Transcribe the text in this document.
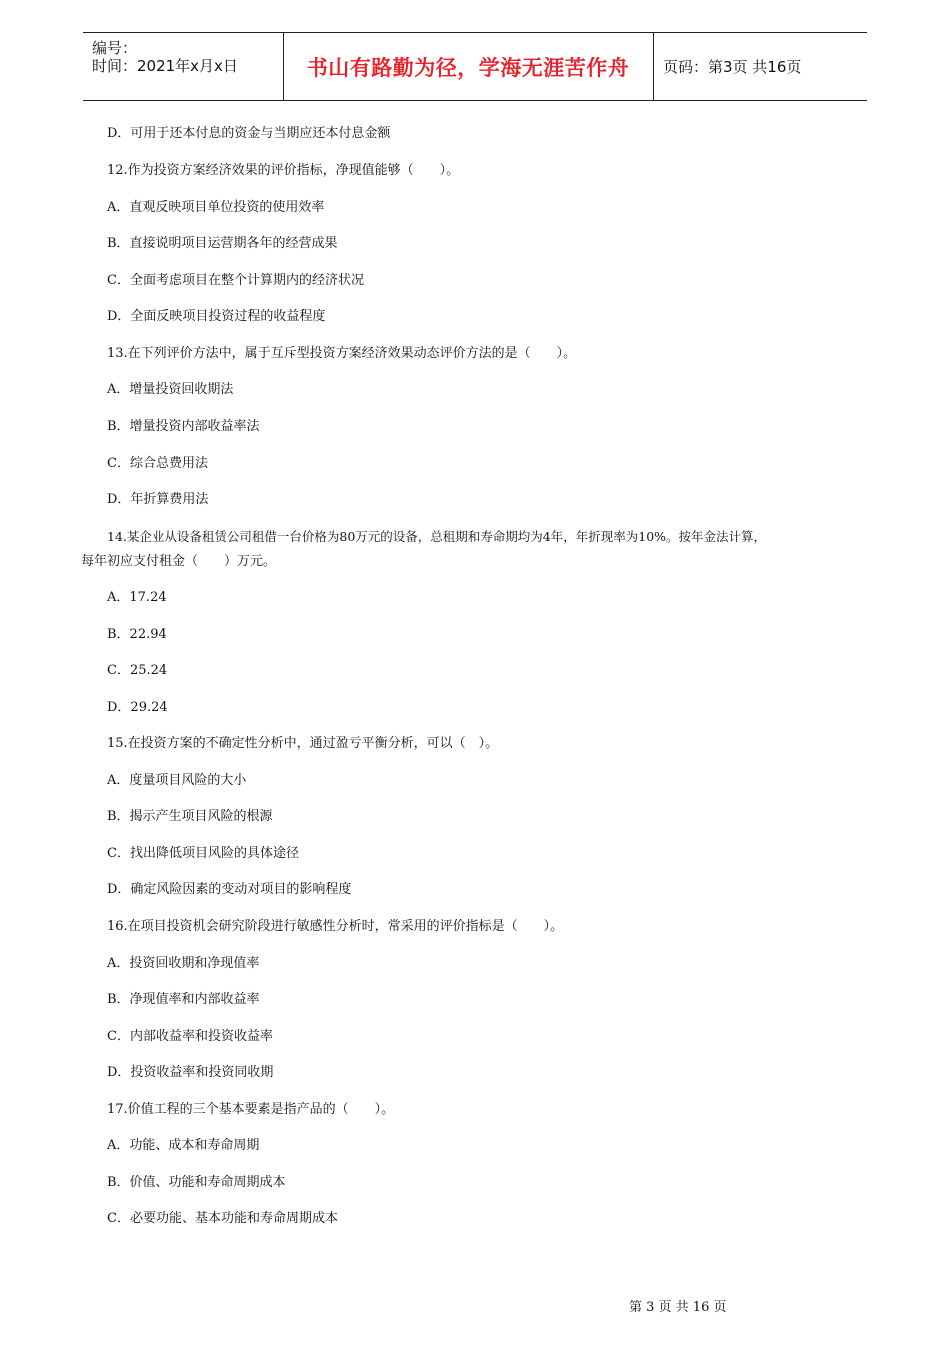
编号：
时间：2021年x月x日	书山有路勤为径，学海无涯苦作舟	页码：第3页 共16页
D．可用于还本付息的资金与当期应还本付息金额
12.作为投资方案经济效果的评价指标，净现值能够（　　）。
A．直观反映项目单位投资的使用效率
B．直接说明项目运营期各年的经营成果
C．全面考虑项目在整个计算期内的经济状况
D．全面反映项目投资过程的收益程度
13.在下列评价方法中，属于互斥型投资方案经济效果动态评价方法的是（　　）。
A．增量投资回收期法
B．增量投资内部收益率法
C．综合总费用法
D．年折算费用法
14.某企业从设备租赁公司租借一台价格为80万元的设备，总租期和寿命期均为4年，年折现率为10%。按年金法计算，
每年初应支付租金（　　）万元。
A．17.24
B．22.94
C．25.24
D．29.24
15.在投资方案的不确定性分析中，通过盈亏平衡分析，可以（　）。
A．度量项目风险的大小
B．揭示产生项目风险的根源
C．找出降低项目风险的具体途径
D．确定风险因素的变动对项目的影响程度
16.在项目投资机会研究阶段进行敏感性分析时，常采用的评价指标是（　　）。
A．投资回收期和净现值率
B．净现值率和内部收益率
C．内部收益率和投资收益率
D．投资收益率和投资同收期
17.价值工程的三个基本要素是指产品的（　　）。
A．功能、成本和寿命周期
B．价值、功能和寿命周期成本
C．必要功能、基本功能和寿命周期成本
第 3 页 共 16 页
